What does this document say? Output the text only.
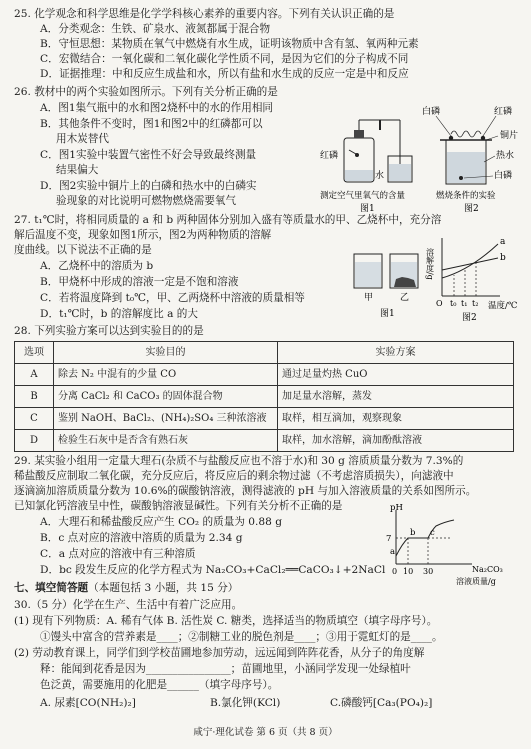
25. 化学观念和科学思维是化学学科核心素养的重要内容。下列有关认识正确的是
A．分类观念：生铁、矿泉水、液氮都属于混合物
B．守恒思想：某物质在氧气中燃烧有水生成，证明该物质中含有氢、氧两种元素
C．宏微结合：一氧化碳和二氧化碳化学性质不同，是因为它们的分子构成不同
D．证据推理：中和反应生成盐和水，所以有盐和水生成的反应一定是中和反应
26. 教材中的两个实验如图所示。下列有关分析正确的是
A．图1集气瓶中的水和图2烧杯中的水的作用相同
B．其他条件不变时，图1和图2中的红磷都可以
用木炭替代
C．图1实验中装置气密性不好会导致最终测量
结果偏大
D．图2实验中铜片上的白磷和热水中的白磷实
验现象的对比说明可燃物燃烧需要氧气
红磷
水
白磷	红磷
铜片
热水
白磷
测定空气里氧气的含量	燃烧条件的实验
图1	图2
27. t₁℃时，将相同质量的 a 和 b 两种固体分别加入盛有等质量水的甲、乙烧杯中，充分溶
解后温度不变，现象如图1所示，图2为两种物质的溶解
度曲线。以下说法不正确的是
A．乙烧杯中的溶质为 b
B．甲烧杯中形成的溶液一定是不饱和溶液
C．若将温度降到 t₀℃，甲、乙两烧杯中溶液的质量相等
D．t₁℃时，b 的溶解度比 a 的大
甲	乙
图1
溶解度/g
a
b
O t₀ t₁ t₂ 温度/℃
图2
28. 下列实验方案可以达到实验目的的是
选项	实验目的	实验方案
A	除去 N₂ 中混有的少量 CO	通过足量灼热 CuO
B	分离 CaCl₂ 和 CaCO₃ 的固体混合物	加足量水溶解，蒸发
C	鉴别 NaOH、BaCl₂、(NH₄)₂SO₄ 三种浓溶液	取样，相互滴加，观察现象
D	检验生石灰中是否含有熟石灰	取样，加水溶解，滴加酚酞溶液
29. 某实验小组用一定量大理石(杂质不与盐酸反应也不溶于水)和 30 g 溶质质量分数为 7.3%的
稀盐酸反应制取二氧化碳，充分反应后，将反应后的剩余物过滤（不考虑溶质损失），向滤液中
逐滴滴加溶质质量分数为 10.6%的碳酸钠溶液，测得滤液的 pH 与加入溶液质量的关系如图所示。
已知氯化钙溶液呈中性，碳酸钠溶液显碱性。下列有关分析不正确的是
A．大理石和稀盐酸反应产生 CO₂ 的质量为 0.88 g
B．c 点对应的溶液中溶质的质量为 2.34 g
C．a 点对应的溶液中有三种溶质
D．bc 段发生反应的化学方程式为 Na₂CO₃+CaCl₂══CaCO₃↓+2NaCl
pH
7
a
b c
0 10 30	Na₂CO₃
溶液质量/g
七、填空简答题（本题包括 3 小题，共 15 分）
30.（5 分）化学在生产、生活中有着广泛应用。
(1) 现有下列物质：A. 稀有气体 B. 活性炭 C. 糖类，选择适当的物质填空（填字母序号）。
①馒头中富含的营养素是____；②制糖工业的脱色剂是____；③用于霓虹灯的是____。
(2) 劳动教育课上，同学们到学校苗圃地参加劳动，远远闻到阵阵花香，从分子的角度解
释：能闻到花香是因为________________；苗圃地里，小涵同学发现一处绿植叶
色泛黄，需要施用的化肥是______（填字母序号）。
A. 尿素[CO(NH₂)₂]	B.氯化钾(KCl)	C.磷酸钙[Ca₃(PO₄)₂]
咸宁·理化试卷 第 6 页（共 8 页）
